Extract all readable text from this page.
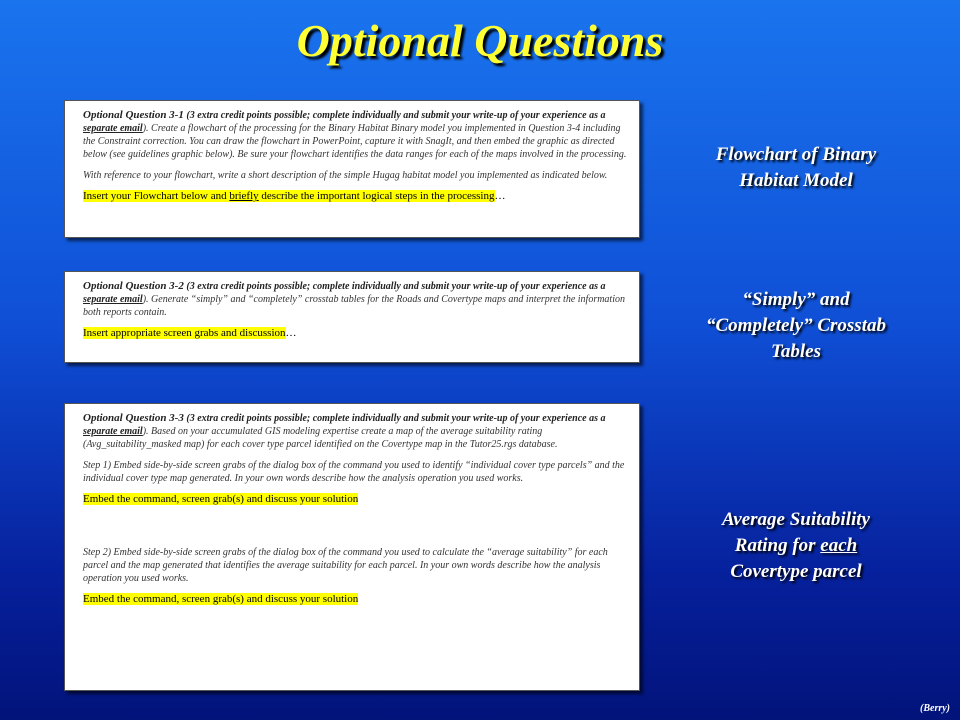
Optional Questions

Optional Question 3-1 (3 extra credit points possible; complete individually and submit your write-up of your experience as a separate email). Create a flowchart of the processing for the Binary Habitat Binary model you implemented in Question 3-4 including the Constraint correction. You can draw the flowchart in PowerPoint, capture it with SnagIt, and then embed the graphic as directed below (see guidelines graphic below). Be sure your flowchart identifies the data ranges for each of the maps involved in the processing.

With reference to your flowchart, write a short description of the simple Hugag habitat model you implemented as indicated below.

Insert your Flowchart below and briefly describe the important logical steps in the processing…

Optional Question 3-2 (3 extra credit points possible; complete individually and submit your write-up of your experience as a separate email). Generate “simply” and “completely” crosstab tables for the Roads and Covertype maps and interpret the information both reports contain.

Insert appropriate screen grabs and discussion…

Optional Question 3-3 (3 extra credit points possible; complete individually and submit your write-up of your experience as a separate email). Based on your accumulated GIS modeling expertise create a map of the average suitability rating (Avg_suitability_masked map) for each cover type parcel identified on the Covertype map in the Tutor25.rgs database.

Step 1) Embed side-by-side screen grabs of the dialog box of the command you used to identify “individual cover type parcels” and the individual cover type map generated. In your own words describe how the analysis operation you used works.

Embed the command, screen grab(s) and discuss your solution

Step 2) Embed side-by-side screen grabs of the dialog box of the command you used to calculate the “average suitability” for each parcel and the map generated that identifies the average suitability for each parcel. In your own words describe how the analysis operation you used works.

Embed the command, screen grab(s) and discuss your solution
Flowchart of Binary
Habitat Model
“Simply” and
“Completely” Crosstab
Tables
Average Suitability
Rating for each
Covertype parcel
(Berry)
